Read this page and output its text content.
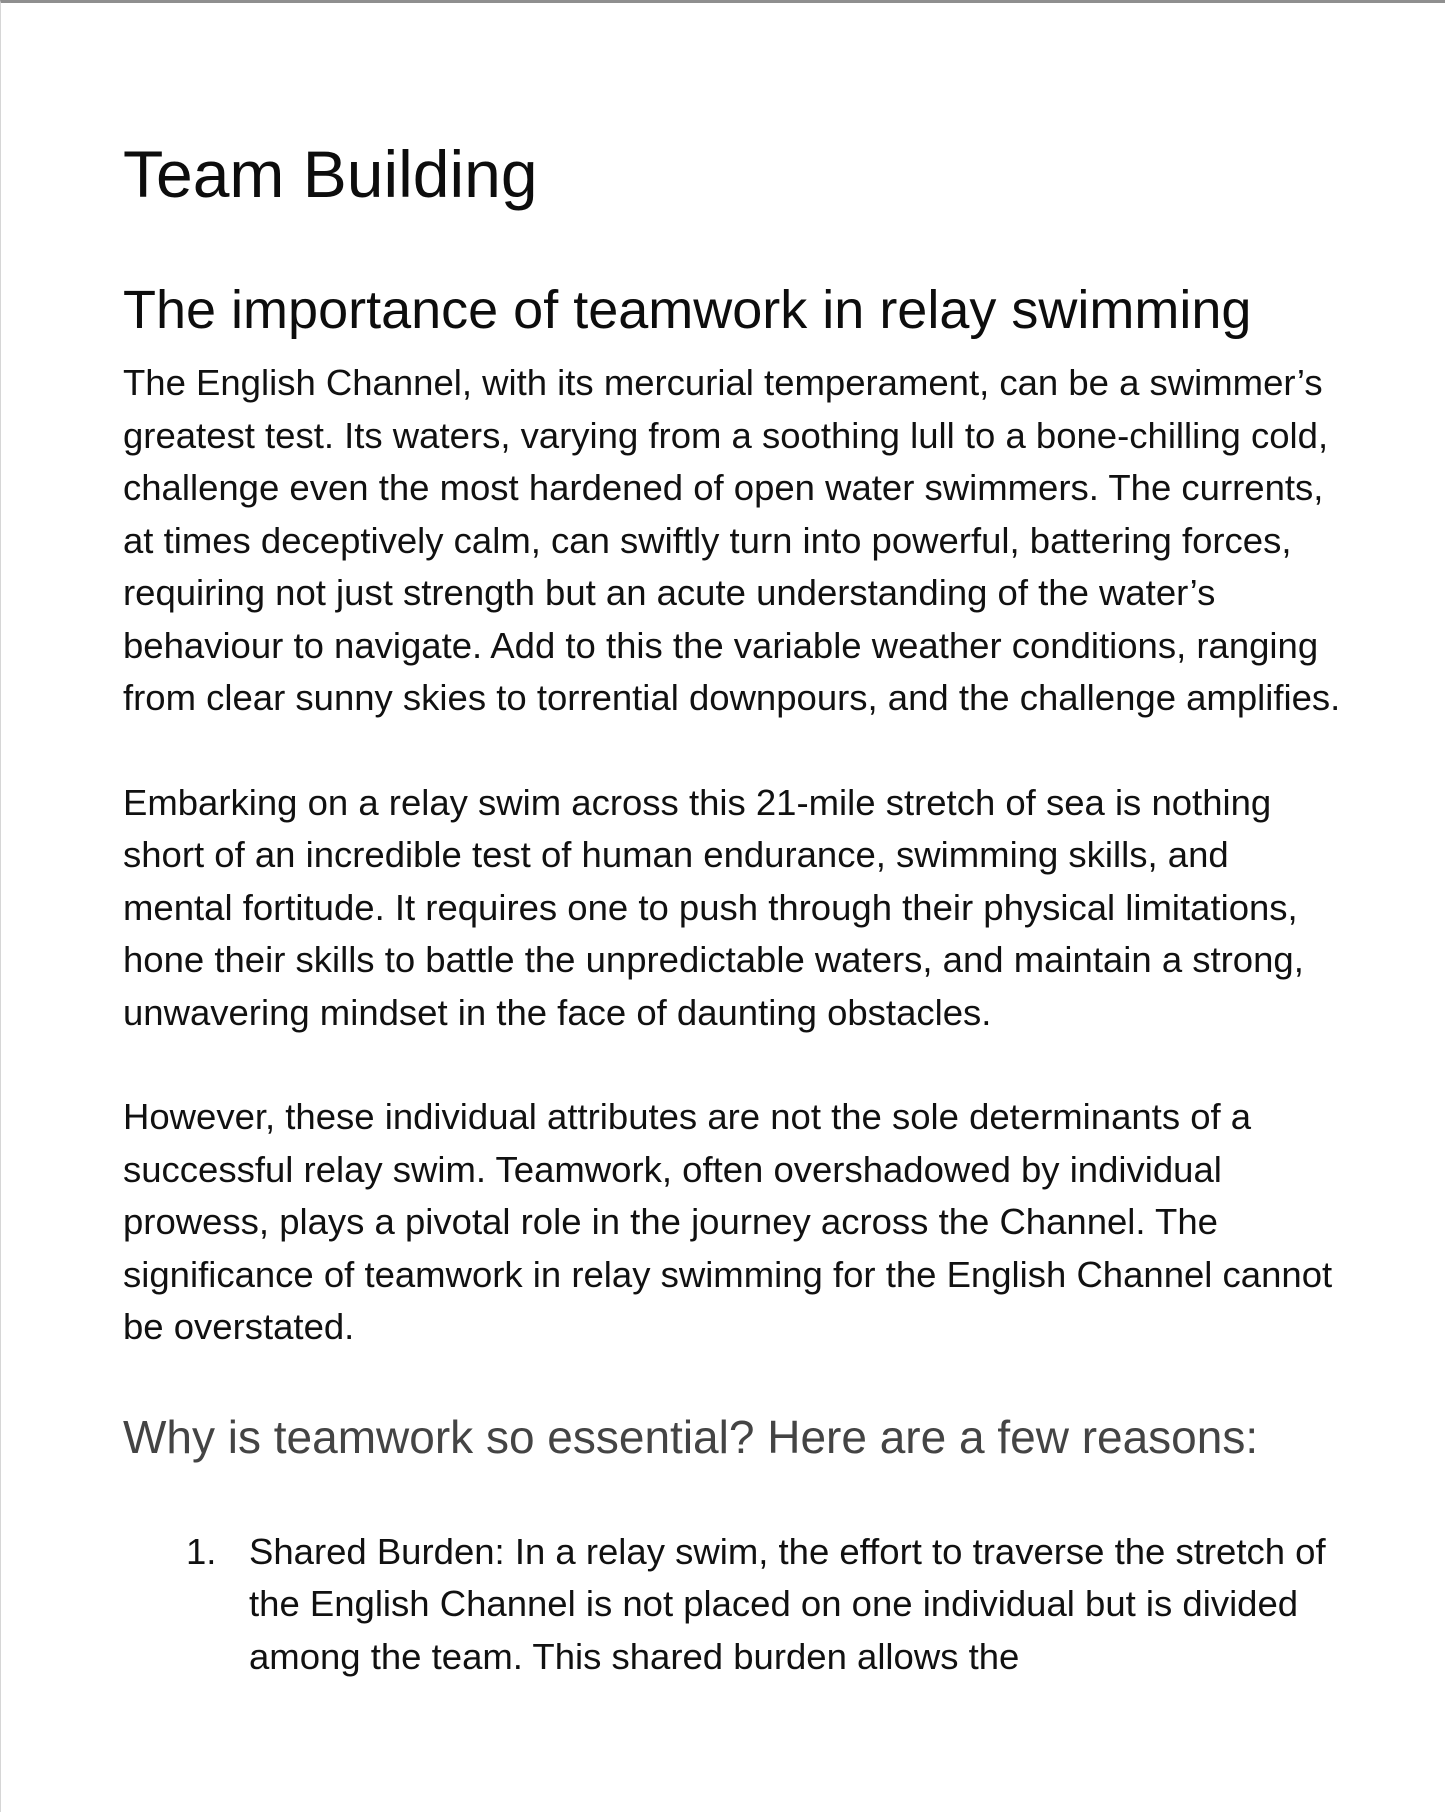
Team Building
The importance of teamwork in relay swimming

The English Channel, with its mercurial temperament, can be a swimmer’s greatest test. Its waters, varying from a soothing lull to a bone-chilling cold, challenge even the most hardened of open water swimmers. The currents, at times deceptively calm, can swiftly turn into powerful, battering forces, requiring not just strength but an acute understanding of the water’s behaviour to navigate. Add to this the variable weather conditions, ranging from clear sunny skies to torrential downpours, and the challenge amplifies.

Embarking on a relay swim across this 21-mile stretch of sea is nothing short of an incredible test of human endurance, swimming skills, and mental fortitude. It requires one to push through their physical limitations, hone their skills to battle the unpredictable waters, and maintain a strong, unwavering mindset in the face of daunting obstacles.

However, these individual attributes are not the sole determinants of a successful relay swim. Teamwork, often overshadowed by individual prowess, plays a pivotal role in the journey across the Channel. The significance of teamwork in relay swimming for the English Channel cannot be overstated.

Why is teamwork so essential? Here are a few reasons:
1. Shared Burden: In a relay swim, the effort to traverse the stretch of the English Channel is not placed on one individual but is divided among the team. This shared burden allows the
